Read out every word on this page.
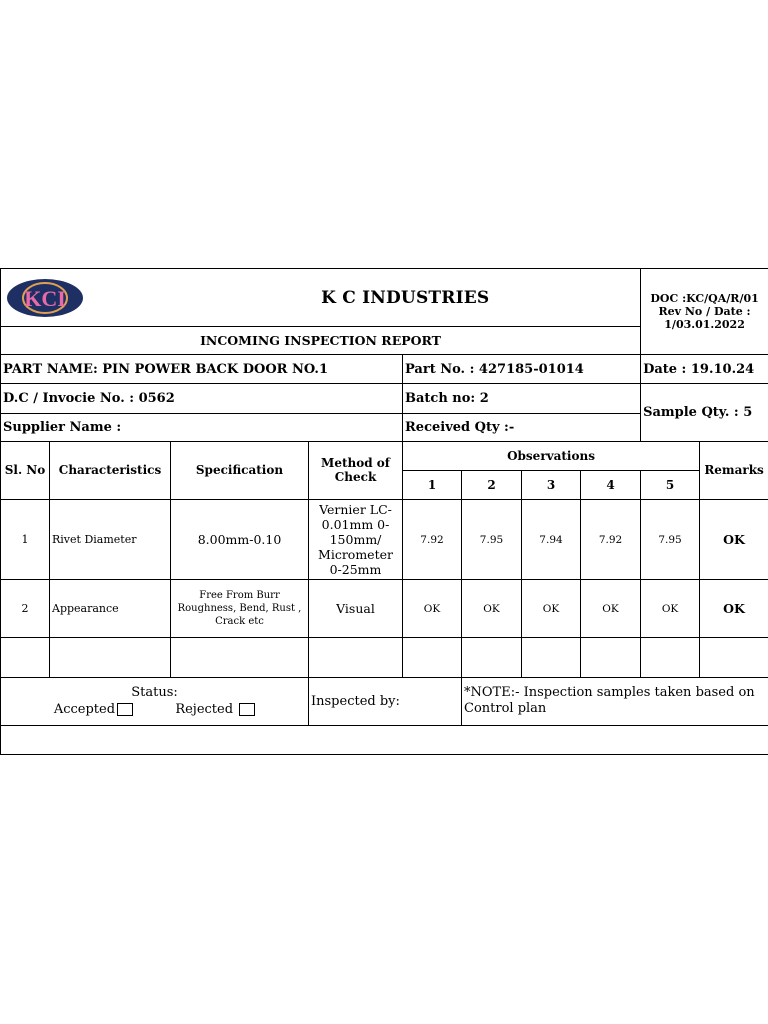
KCI		K C INDUSTRIES						DOC :KC/QA/R/01
Rev No / Date :
1/03.01.2022	

INCOMING INSPECTION REPORT									
PART NAME: PIN POWER BACK DOOR NO.1				Part No. : 427185-01014				Date : 19.10.24	
D.C / Invocie No. : 0562				Batch no: 2				Sample Qty. : 5	
Supplier Name :				Received Qty :-					
Sl. No	Characteristics	Specification	Method of Check	Observations					Remarks
				1	2	3	4	5	
1	Rivet Diameter	8.00mm-0.10	Vernier LC-0.01mm 0-150mm/ Micrometer 0-25mm	7.92	7.95	7.94	7.92	7.95	OK
2	Appearance	Free From Burr Roughness, Bend, Rust , Crack etc	Visual	OK	OK	OK	OK	OK	OK

Status:
Accepted Rejected			Inspected by:		*NOTE:- Inspection samples taken based on Control plan				
